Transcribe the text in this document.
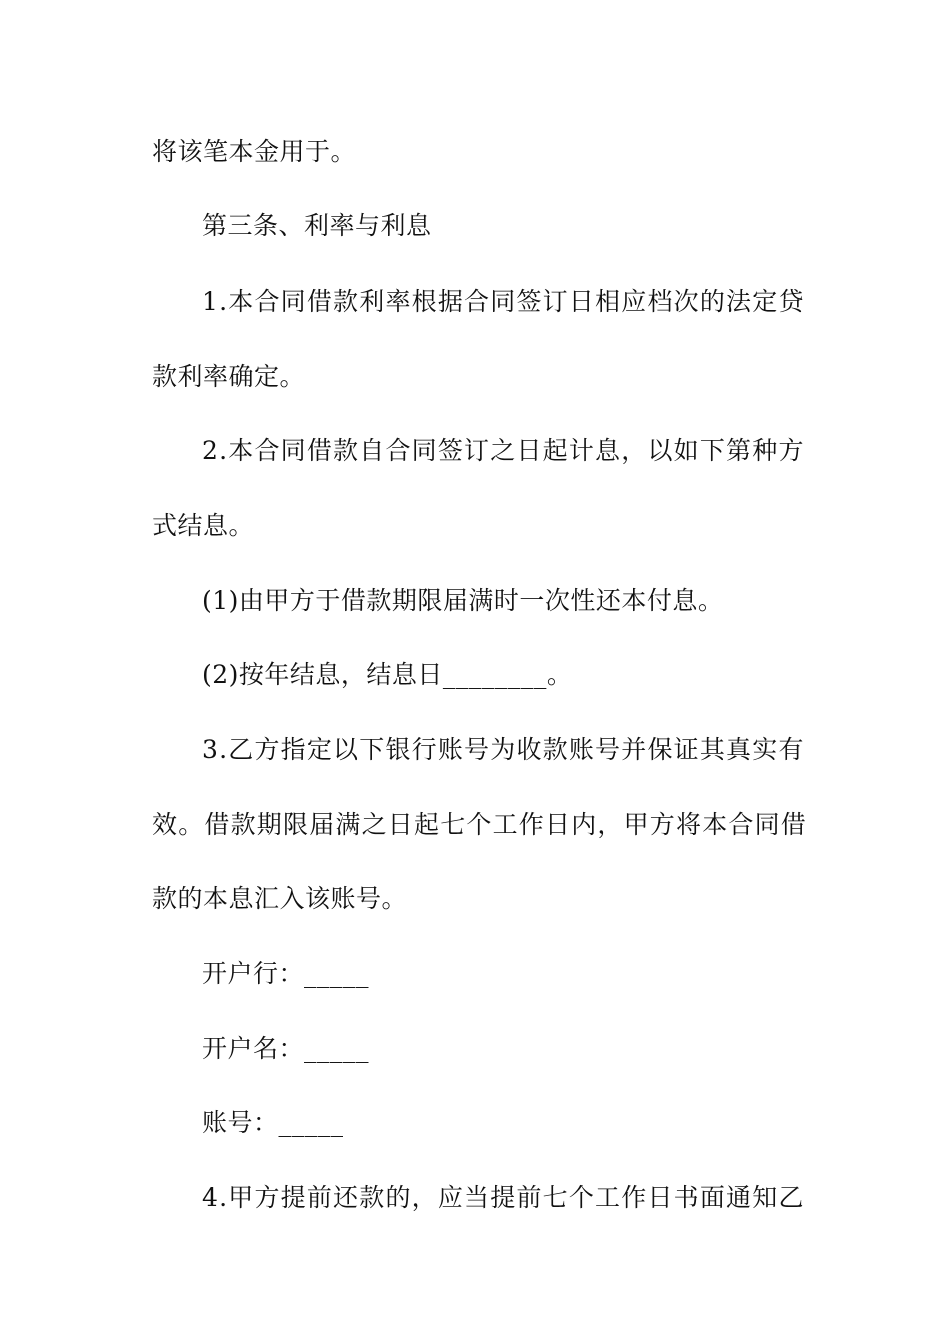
将该笔本金用于。
第三条、利率与利息
1.本合同借款利率根据合同签订日相应档次的法定贷
款利率确定。
2.本合同借款自合同签订之日起计息，以如下第种方
式结息。
(1)由甲方于借款期限届满时一次性还本付息。
(2)按年结息，结息日________。
3.乙方指定以下银行账号为收款账号并保证其真实有
效。借款期限届满之日起七个工作日内，甲方将本合同借
款的本息汇入该账号。
开户行：_____
开户名：_____
账号：_____
4.甲方提前还款的，应当提前七个工作日书面通知乙
